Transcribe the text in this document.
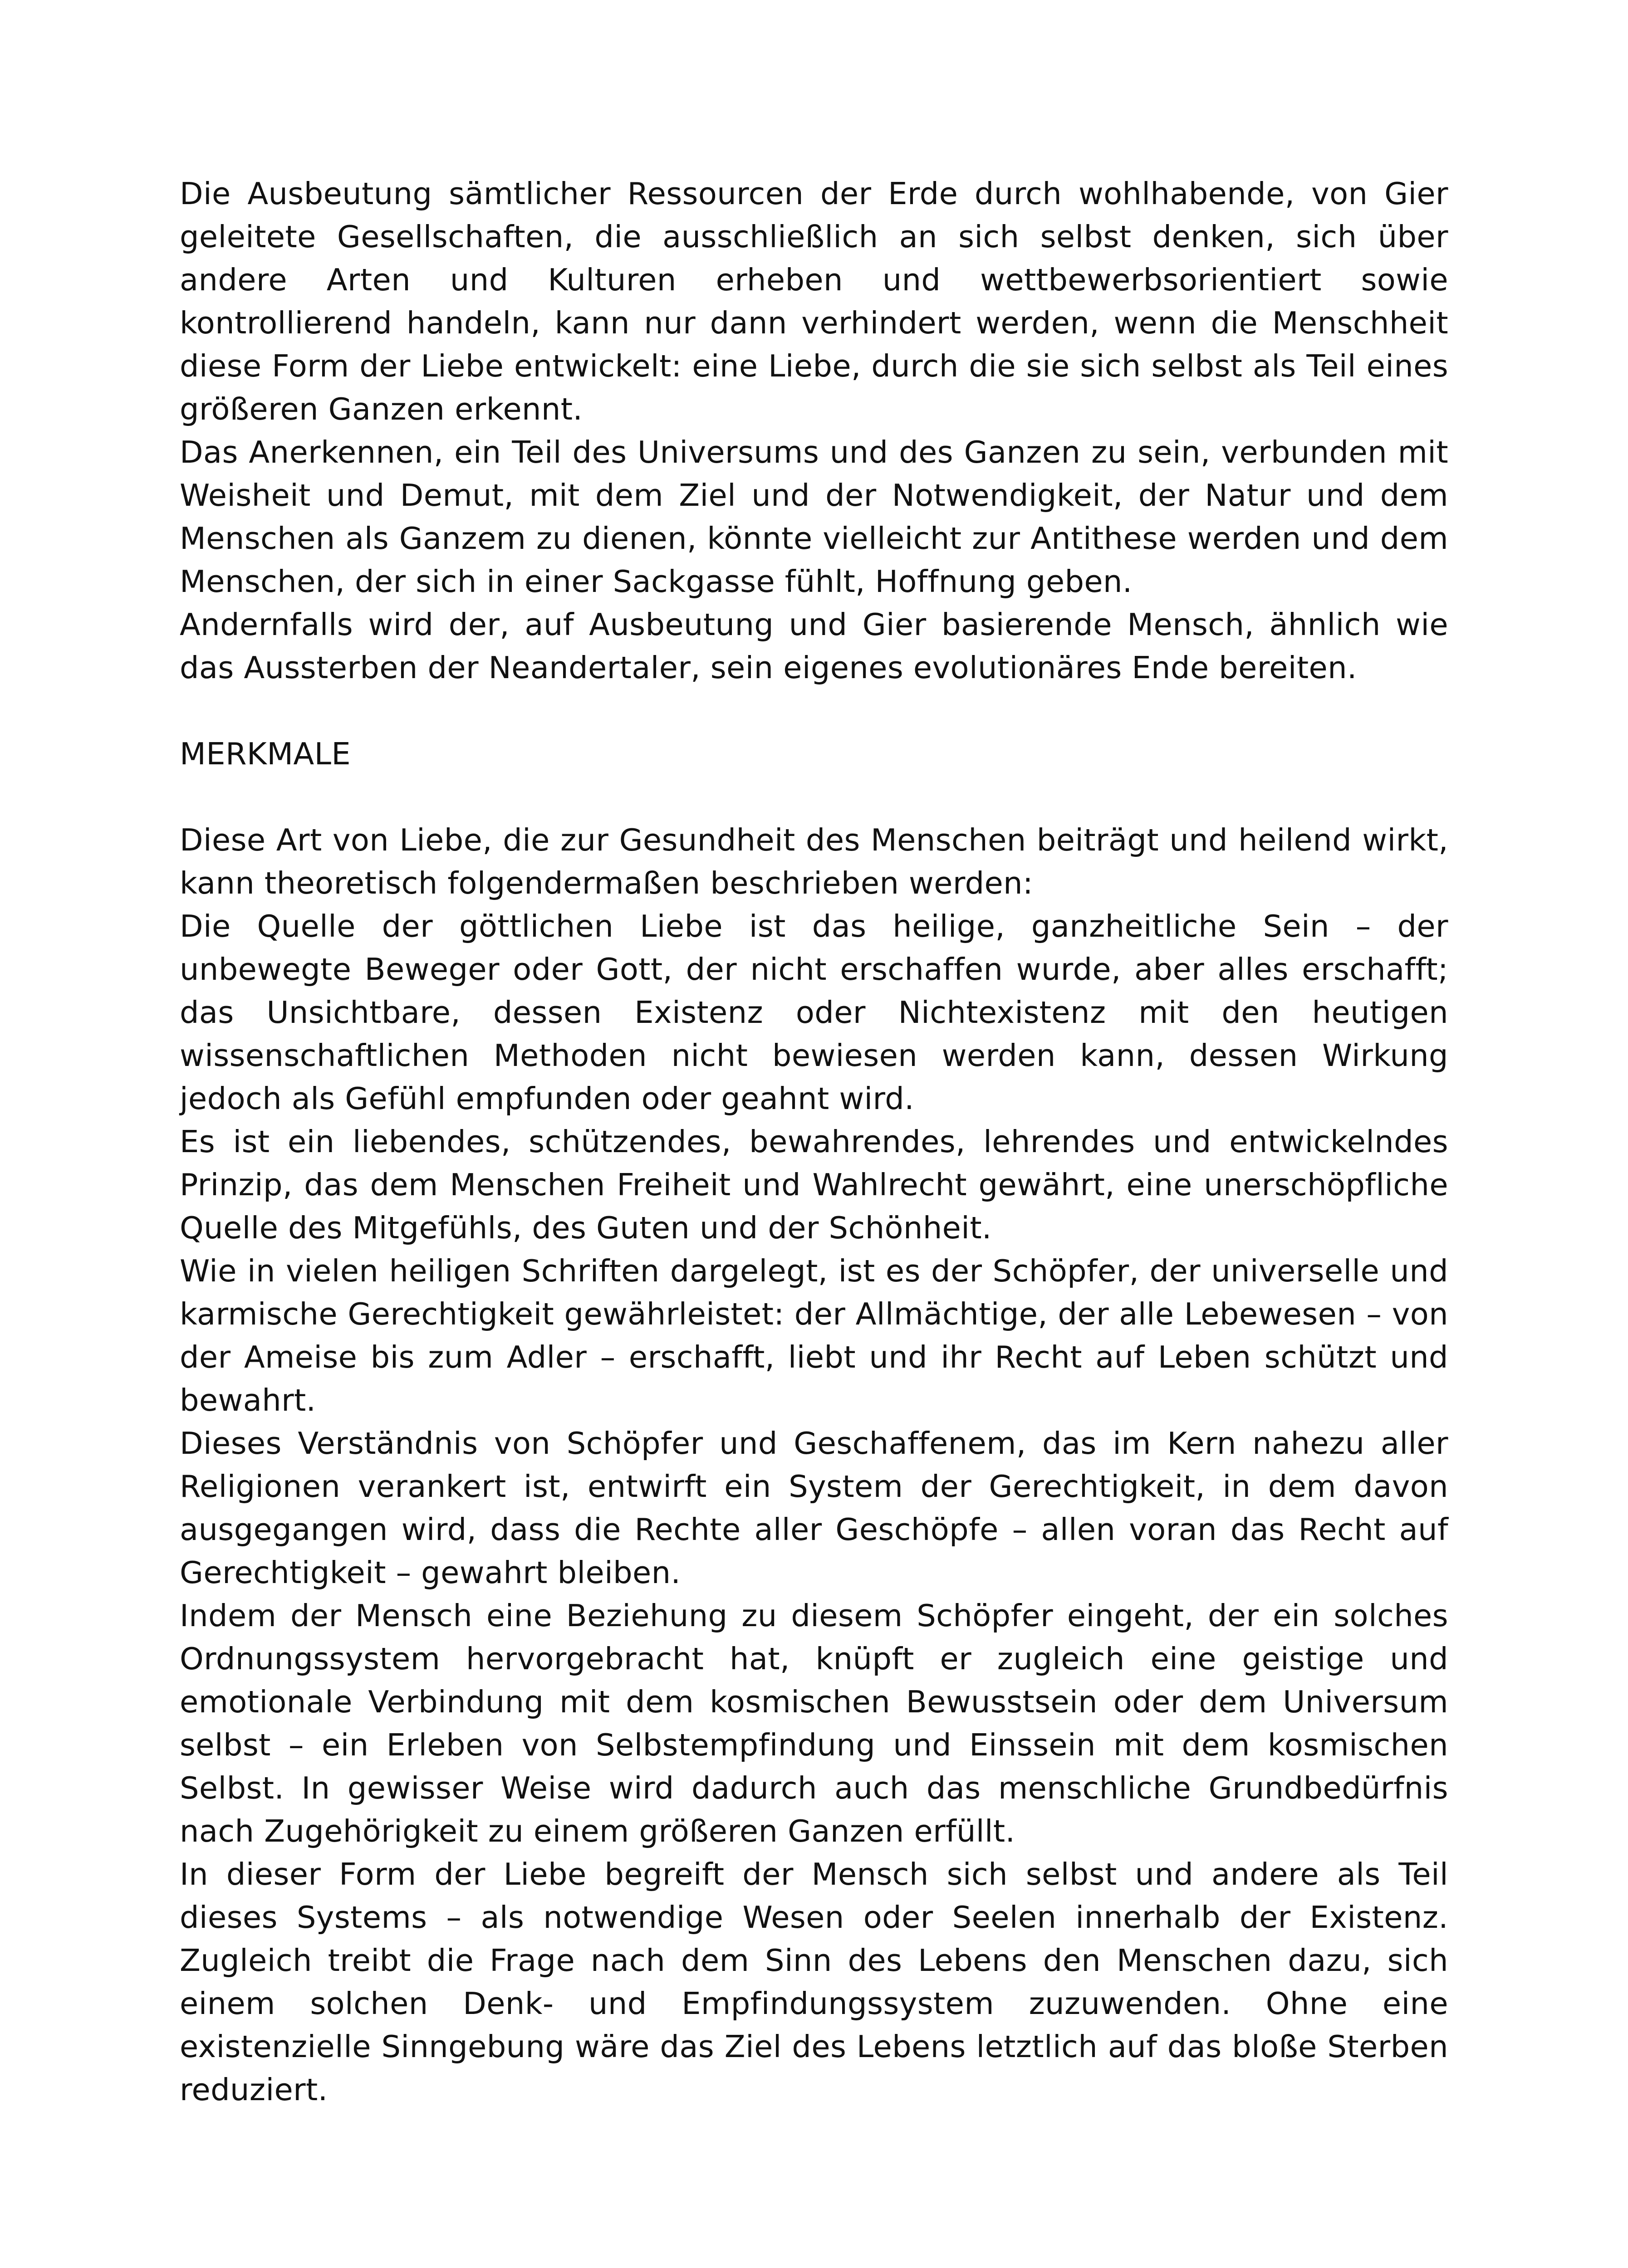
Die Ausbeutung sämtlicher Ressourcen der Erde durch wohlhabende, von Gier geleitete Gesellschaften, die ausschließlich an sich selbst denken, sich über andere Arten und Kulturen erheben und wettbewerbsorientiert sowie kontrollierend handeln, kann nur dann verhindert werden, wenn die Menschheit diese Form der Liebe entwickelt: eine Liebe, durch die sie sich selbst als Teil eines größeren Ganzen erkennt.

Das Anerkennen, ein Teil des Universums und des Ganzen zu sein, verbunden mit Weisheit und Demut, mit dem Ziel und der Notwendigkeit, der Natur und dem Menschen als Ganzem zu dienen, könnte vielleicht zur Antithese werden und dem Menschen, der sich in einer Sackgasse fühlt, Hoffnung geben.

Andernfalls wird der, auf Ausbeutung und Gier basierende Mensch, ähnlich wie das Aussterben der Neandertaler, sein eigenes evolutionäres Ende bereiten.

MERKMALE

Diese Art von Liebe, die zur Gesundheit des Menschen beiträgt und heilend wirkt, kann theoretisch folgendermaßen beschrieben werden:

Die Quelle der göttlichen Liebe ist das heilige, ganzheitliche Sein – der unbewegte Beweger oder Gott, der nicht erschaffen wurde, aber alles erschafft; das Unsichtbare, dessen Existenz oder Nichtexistenz mit den heutigen wissenschaftlichen Methoden nicht bewiesen werden kann, dessen Wirkung jedoch als Gefühl empfunden oder geahnt wird.

Es ist ein liebendes, schützendes, bewahrendes, lehrendes und entwickelndes Prinzip, das dem Menschen Freiheit und Wahlrecht gewährt, eine unerschöpfliche Quelle des Mitgefühls, des Guten und der Schönheit.

Wie in vielen heiligen Schriften dargelegt, ist es der Schöpfer, der universelle und karmische Gerechtigkeit gewährleistet: der Allmächtige, der alle Lebewesen – von der Ameise bis zum Adler – erschafft, liebt und ihr Recht auf Leben schützt und bewahrt.

Dieses Verständnis von Schöpfer und Geschaffenem, das im Kern nahezu aller Religionen verankert ist, entwirft ein System der Gerechtigkeit, in dem davon ausgegangen wird, dass die Rechte aller Geschöpfe – allen voran das Recht auf Gerechtigkeit – gewahrt bleiben.

Indem der Mensch eine Beziehung zu diesem Schöpfer eingeht, der ein solches Ordnungssystem hervorgebracht hat, knüpft er zugleich eine geistige und emotionale Verbindung mit dem kosmischen Bewusstsein oder dem Universum selbst – ein Erleben von Selbstempfindung und Einssein mit dem kosmischen Selbst. In gewisser Weise wird dadurch auch das menschliche Grundbedürfnis nach Zugehörigkeit zu einem größeren Ganzen erfüllt.

In dieser Form der Liebe begreift der Mensch sich selbst und andere als Teil dieses Systems – als notwendige Wesen oder Seelen innerhalb der Existenz. Zugleich treibt die Frage nach dem Sinn des Lebens den Menschen dazu, sich einem solchen Denk- und Empfindungssystem zuzuwenden. Ohne eine existenzielle Sinngebung wäre das Ziel des Lebens letztlich auf das bloße Sterben reduziert.
